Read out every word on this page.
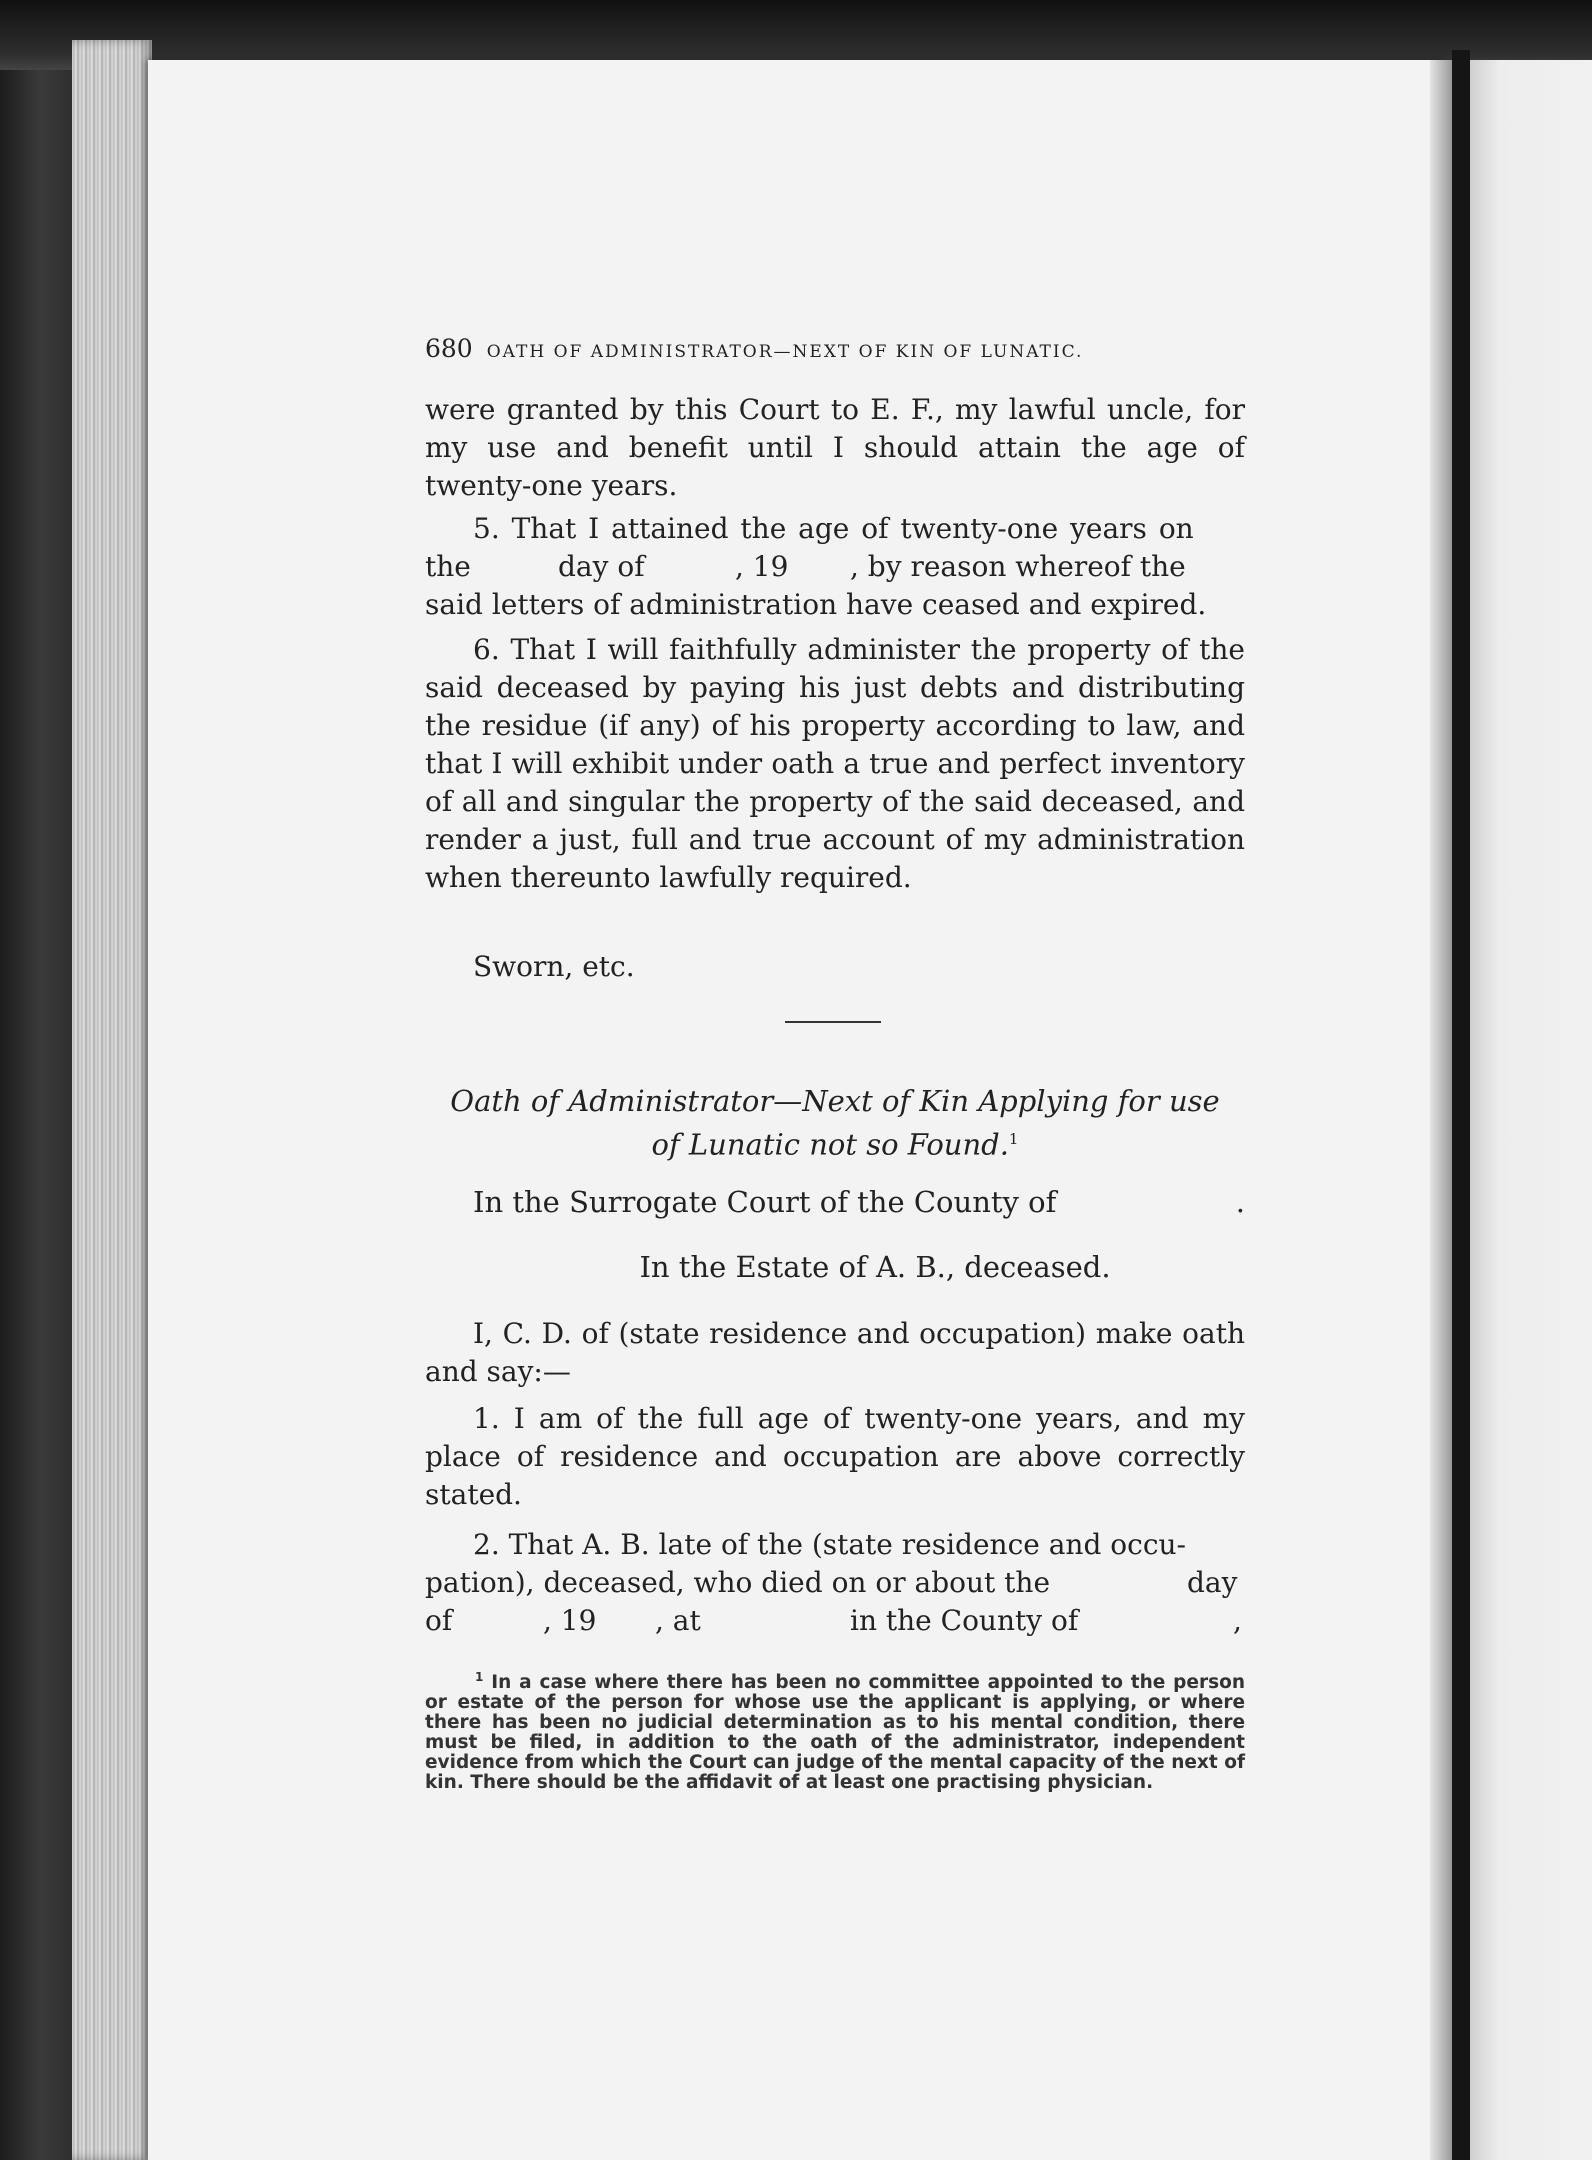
680 OATH OF ADMINISTRATOR—NEXT OF KIN OF LUNATIC.

were granted by this Court to E. F., my lawful uncle, for my use and benefit until I should attain the age of twenty-one years.

5. That I attained the age of twenty-one years on
the	day of	, 19 , by reason whereof the
said letters of administration have ceased and expired.

6. That I will faithfully administer the property of the said deceased by paying his just debts and distributing the residue (if any) of his property according to law, and that I will exhibit under oath a true and perfect inventory of all and singular the property of the said deceased, and render a just, full and true account of my administration when thereunto lawfully required.

Sworn, etc.
Oath of Administrator—Next of Kin Applying for use
of Lunatic not so Found.$^1$
In the Surrogate Court of the County of	.
In the Estate of A. B., deceased.

I, C. D. of (state residence and occupation) make oath and say:—

1. I am of the full age of twenty-one years, and my place of residence and occupation are above correctly stated.

2. That A. B. late of the (state residence and occu-
pation), deceased, who died on or about the	day
of	, 19 , at	in the County of	,

$^1$ In a case where there has been no committee appointed to the person or estate of the person for whose use the applicant is applying, or where there has been no judicial determination as to his mental condition, there must be filed, in addition to the oath of the administrator, independent evidence from which the Court can judge of the mental capacity of the next of kin. There should be the affidavit of at least one practising physician.
